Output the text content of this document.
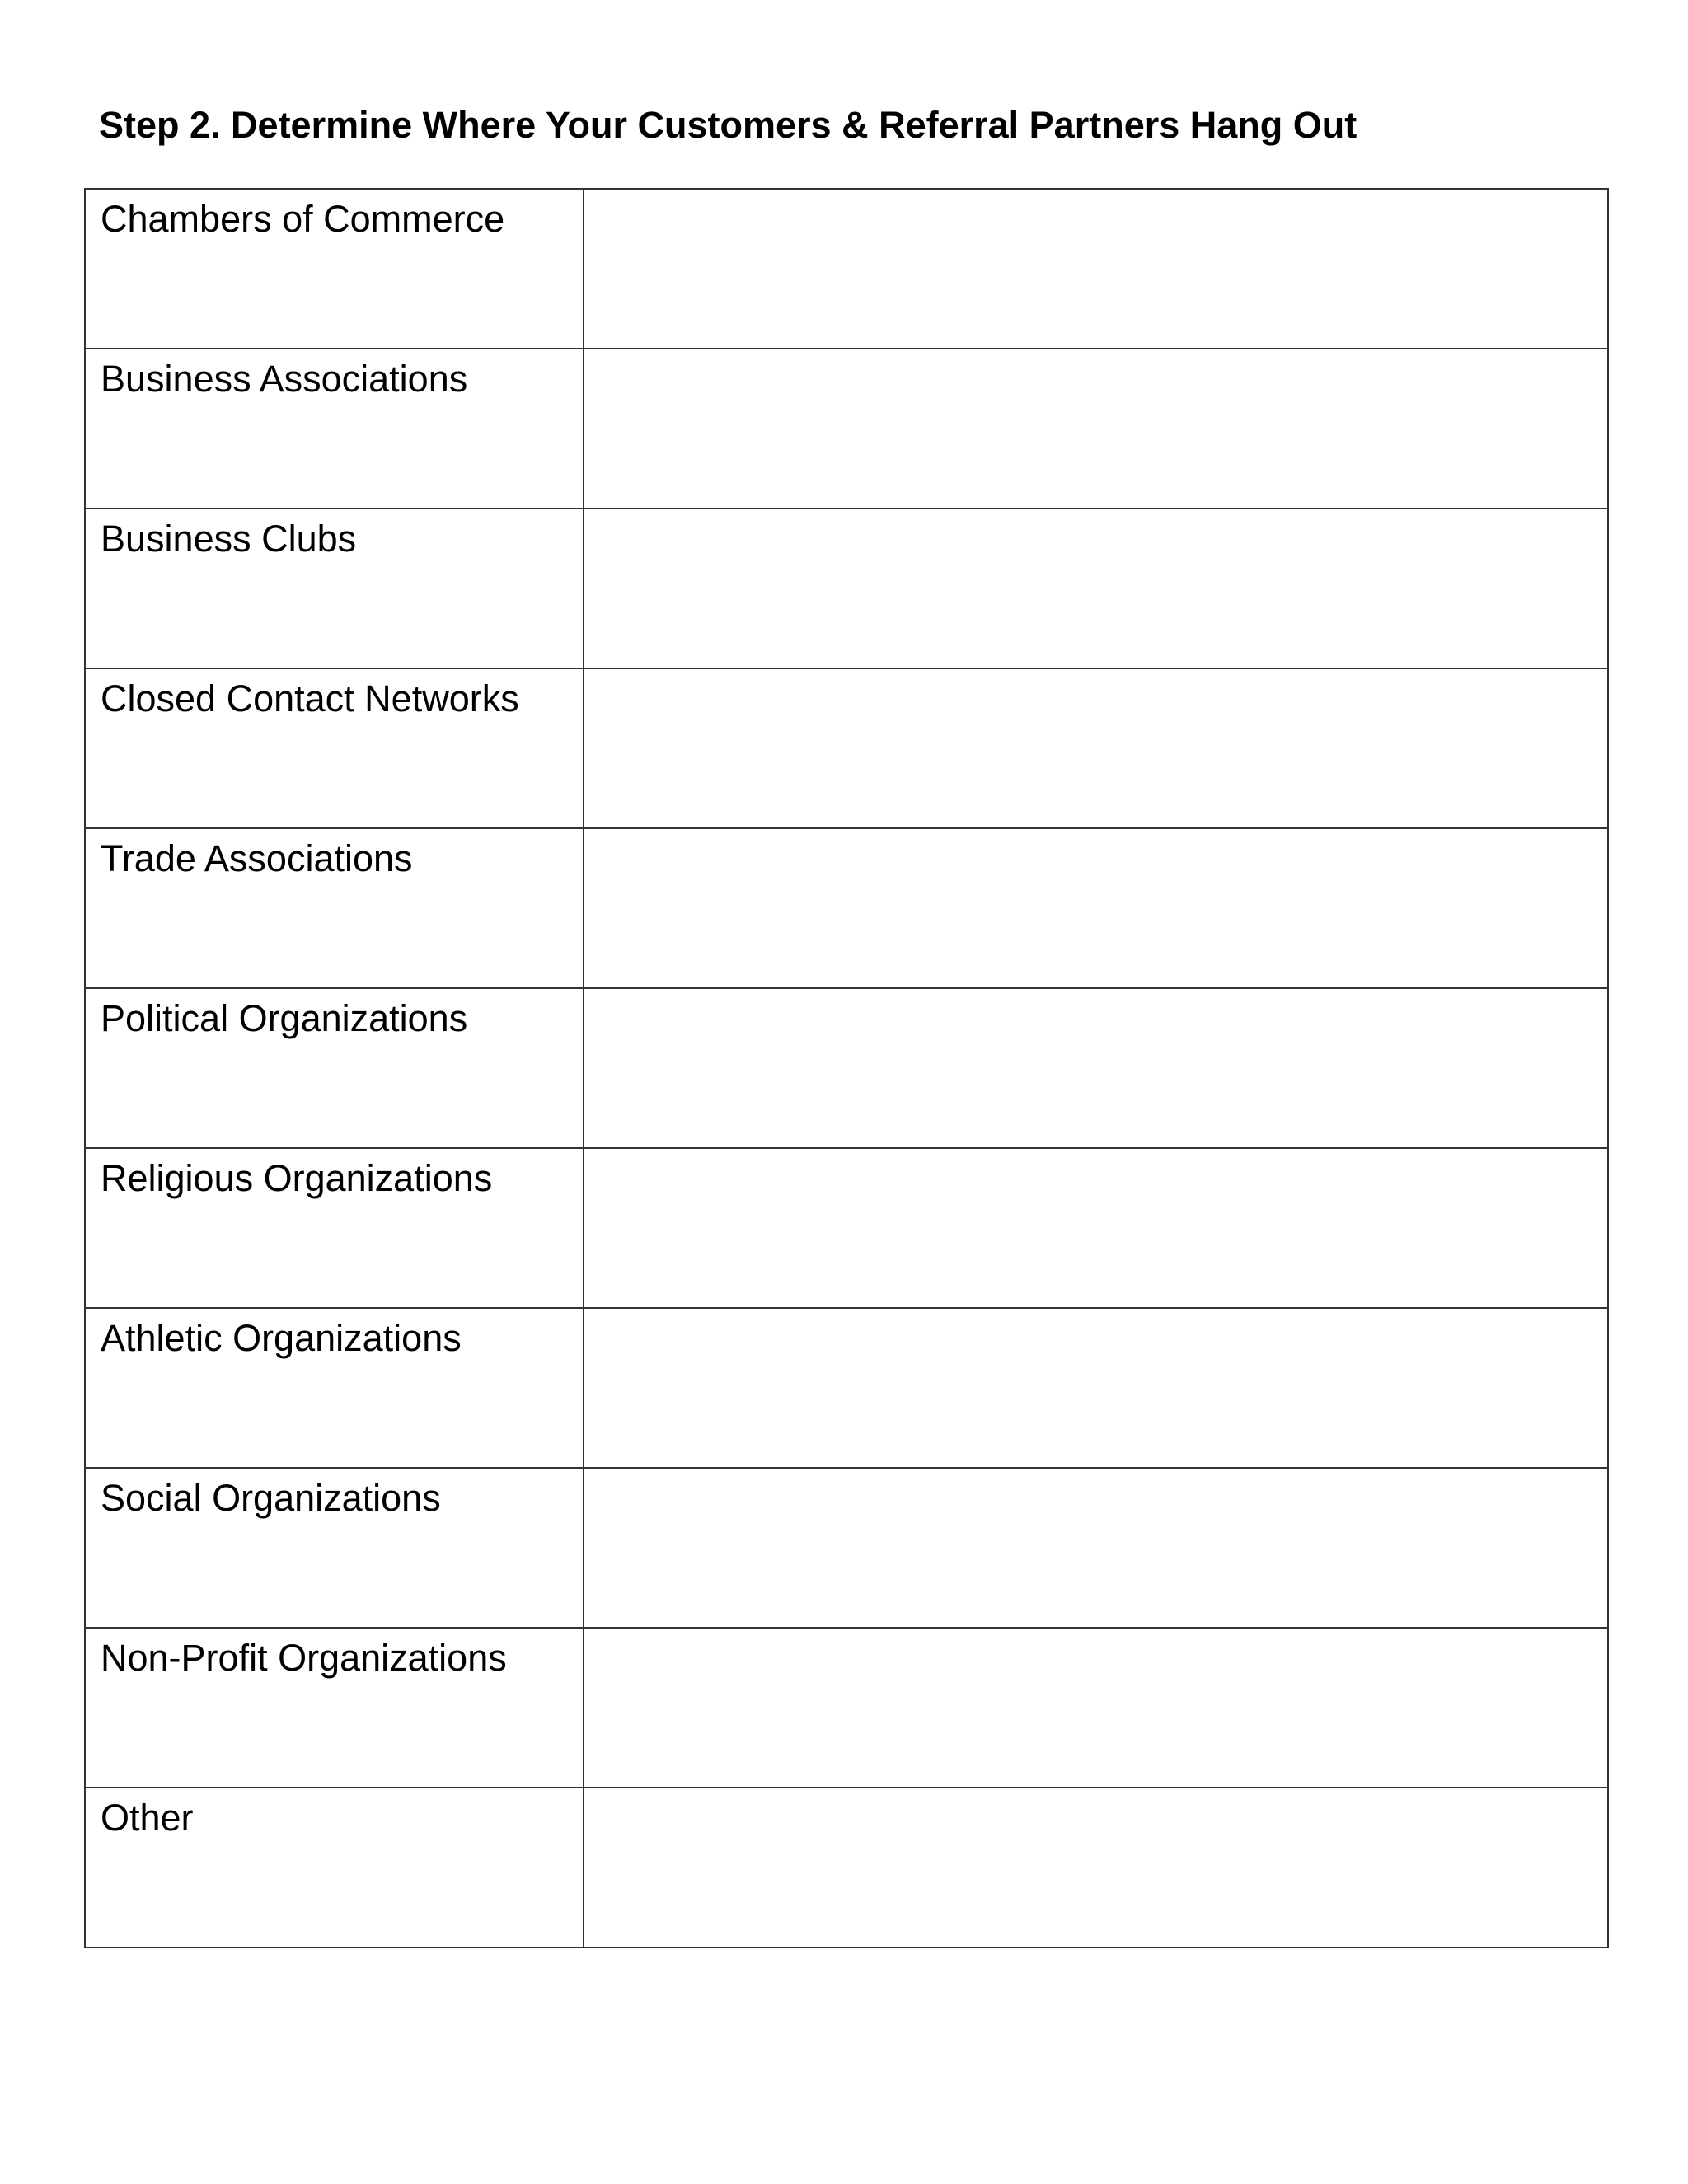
Step 2. Determine Where Your Customers & Referral Partners Hang Out
Chambers of Commerce	

Business Associations	

Business Clubs	

Closed Contact Networks	

Trade Associations	

Political Organizations	

Religious Organizations	

Athletic Organizations	

Social Organizations	

Non-Profit Organizations	

Other	
